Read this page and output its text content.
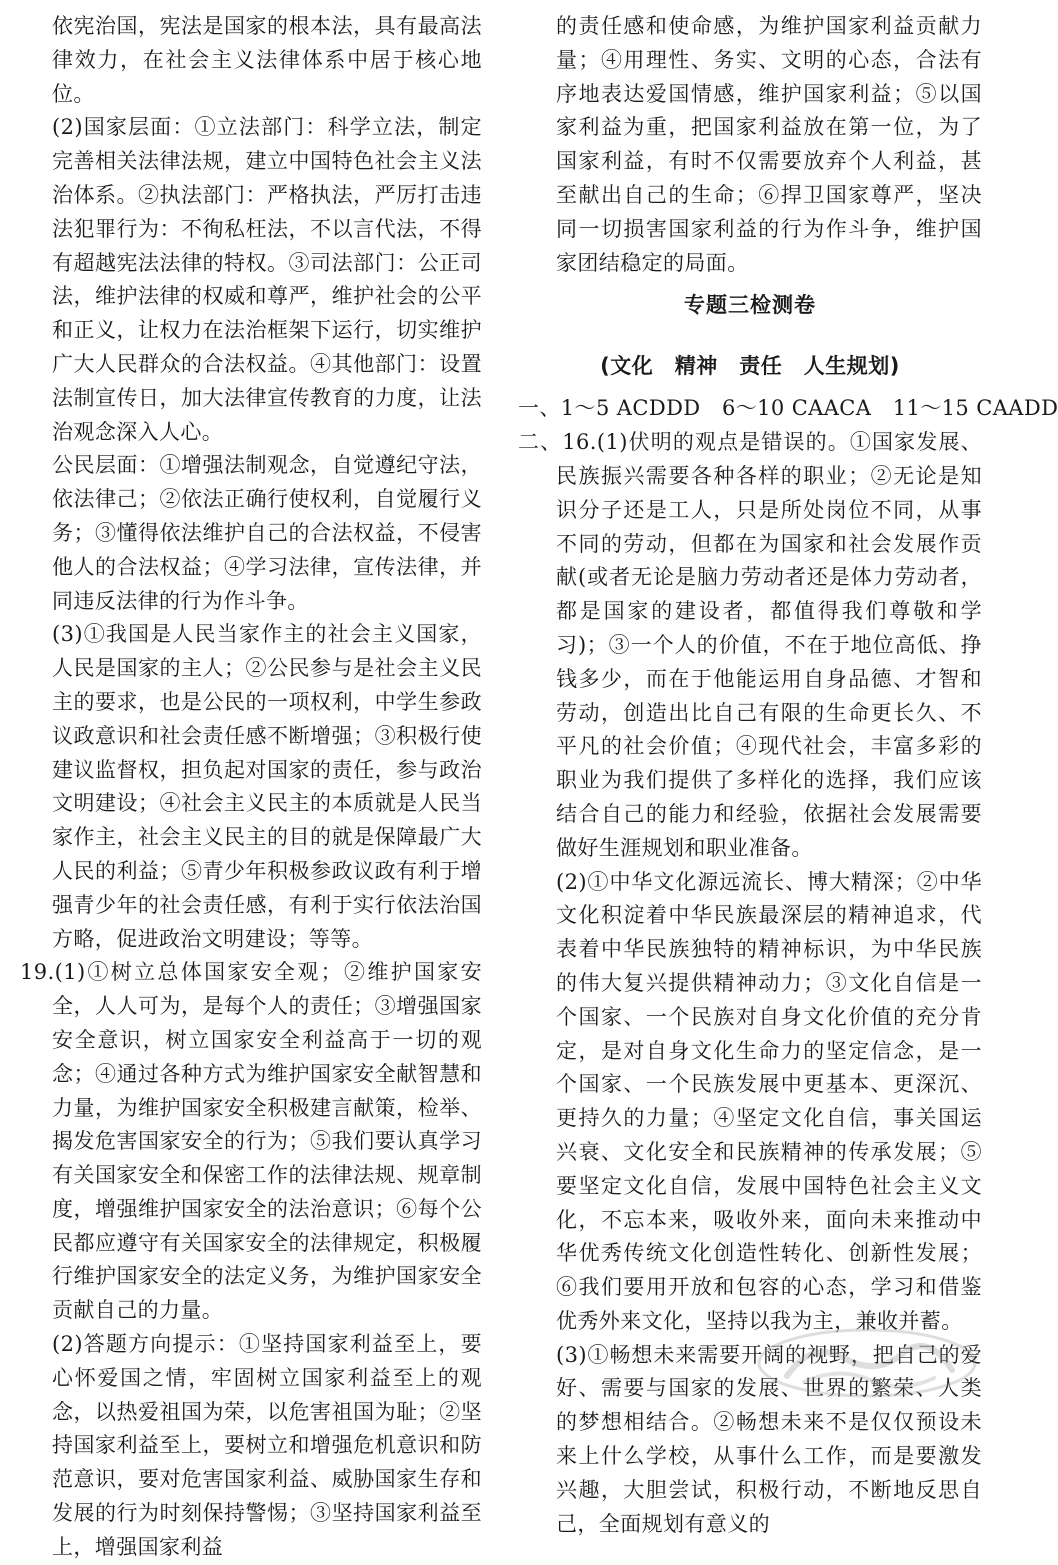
依宪治国，宪法是国家的根本法，具有最高法律效力，在社会主义法律体系中居于核心地位。

(2)国家层面：①立法部门：科学立法，制定完善相关法律法规，建立中国特色社会主义法治体系。②执法部门：严格执法，严厉打击违法犯罪行为：不徇私枉法，不以言代法，不得有超越宪法法律的特权。③司法部门：公正司法，维护法律的权威和尊严，维护社会的公平和正义，让权力在法治框架下运行，切实维护广大人民群众的合法权益。④其他部门：设置法制宣传日，加大法律宣传教育的力度，让法治观念深入人心。

公民层面：①增强法制观念，自觉遵纪守法，依法律己；②依法正确行使权利，自觉履行义务；③懂得依法维护自己的合法权益，不侵害他人的合法权益；④学习法律，宣传法律，并同违反法律的行为作斗争。

(3)①我国是人民当家作主的社会主义国家，人民是国家的主人；②公民参与是社会主义民主的要求，也是公民的一项权利，中学生参政议政意识和社会责任感不断增强；③积极行使建议监督权，担负起对国家的责任，参与政治文明建设；④社会主义民主的本质就是人民当家作主，社会主义民主的目的就是保障最广大人民的利益；⑤青少年积极参政议政有利于增强青少年的社会责任感，有利于实行依法治国方略，促进政治文明建设；等等。

19.(1)①树立总体国家安全观；②维护国家安全，人人可为，是每个人的责任；③增强国家安全意识，树立国家安全利益高于一切的观念；④通过各种方式为维护国家安全献智慧和力量，为维护国家安全积极建言献策，检举、揭发危害国家安全的行为；⑤我们要认真学习有关国家安全和保密工作的法律法规、规章制度，增强维护国家安全的法治意识；⑥每个公民都应遵守有关国家安全的法律规定，积极履行维护国家安全的法定义务，为维护国家安全贡献自己的力量。

(2)答题方向提示：①坚持国家利益至上，要心怀爱国之情，牢固树立国家利益至上的观念，以热爱祖国为荣，以危害祖国为耻；②坚持国家利益至上，要树立和增强危机意识和防范意识，要对危害国家利益、威胁国家生存和发展的行为时刻保持警惕；③坚持国家利益至上，增强国家利益

的责任感和使命感，为维护国家利益贡献力量；④用理性、务实、文明的心态，合法有序地表达爱国情感，维护国家利益；⑤以国家利益为重，把国家利益放在第一位，为了国家利益，有时不仅需要放弃个人利益，甚至献出自己的生命；⑥捍卫国家尊严，坚决同一切损害国家利益的行为作斗争，维护国家团结稳定的局面。

专题三检测卷

(文化　精神　责任　人生规划)

一、1～5 ACDDD　6～10 CAACA　11～15 CAADD

二、16.(1)伏明的观点是错误的。①国家发展、民族振兴需要各种各样的职业；②无论是知识分子还是工人，只是所处岗位不同，从事不同的劳动，但都在为国家和社会发展作贡献(或者无论是脑力劳动者还是体力劳动者，都是国家的建设者，都值得我们尊敬和学习)；③一个人的价值，不在于地位高低、挣钱多少，而在于他能运用自身品德、才智和劳动，创造出比自己有限的生命更长久、不平凡的社会价值；④现代社会，丰富多彩的职业为我们提供了多样化的选择，我们应该结合自己的能力和经验，依据社会发展需要做好生涯规划和职业准备。

(2)①中华文化源远流长、博大精深；②中华文化积淀着中华民族最深层的精神追求，代表着中华民族独特的精神标识，为中华民族的伟大复兴提供精神动力；③文化自信是一个国家、一个民族对自身文化价值的充分肯定，是对自身文化生命力的坚定信念，是一个国家、一个民族发展中更基本、更深沉、更持久的力量；④坚定文化自信，事关国运兴衰、文化安全和民族精神的传承发展；⑤要坚定文化自信，发展中国特色社会主义文化，不忘本来，吸收外来，面向未来推动中华优秀传统文化创造性转化、创新性发展；⑥我们要用开放和包容的心态，学习和借鉴优秀外来文化，坚持以我为主，兼收并蓄。

(3)①畅想未来需要开阔的视野，把自己的爱好、需要与国家的发展、世界的繁荣、人类的梦想相结合。②畅想未来不是仅仅预设未来上什么学校，从事什么工作，而是要激发兴趣，大胆尝试，积极行动，不断地反思自己，全面规划有意义的
